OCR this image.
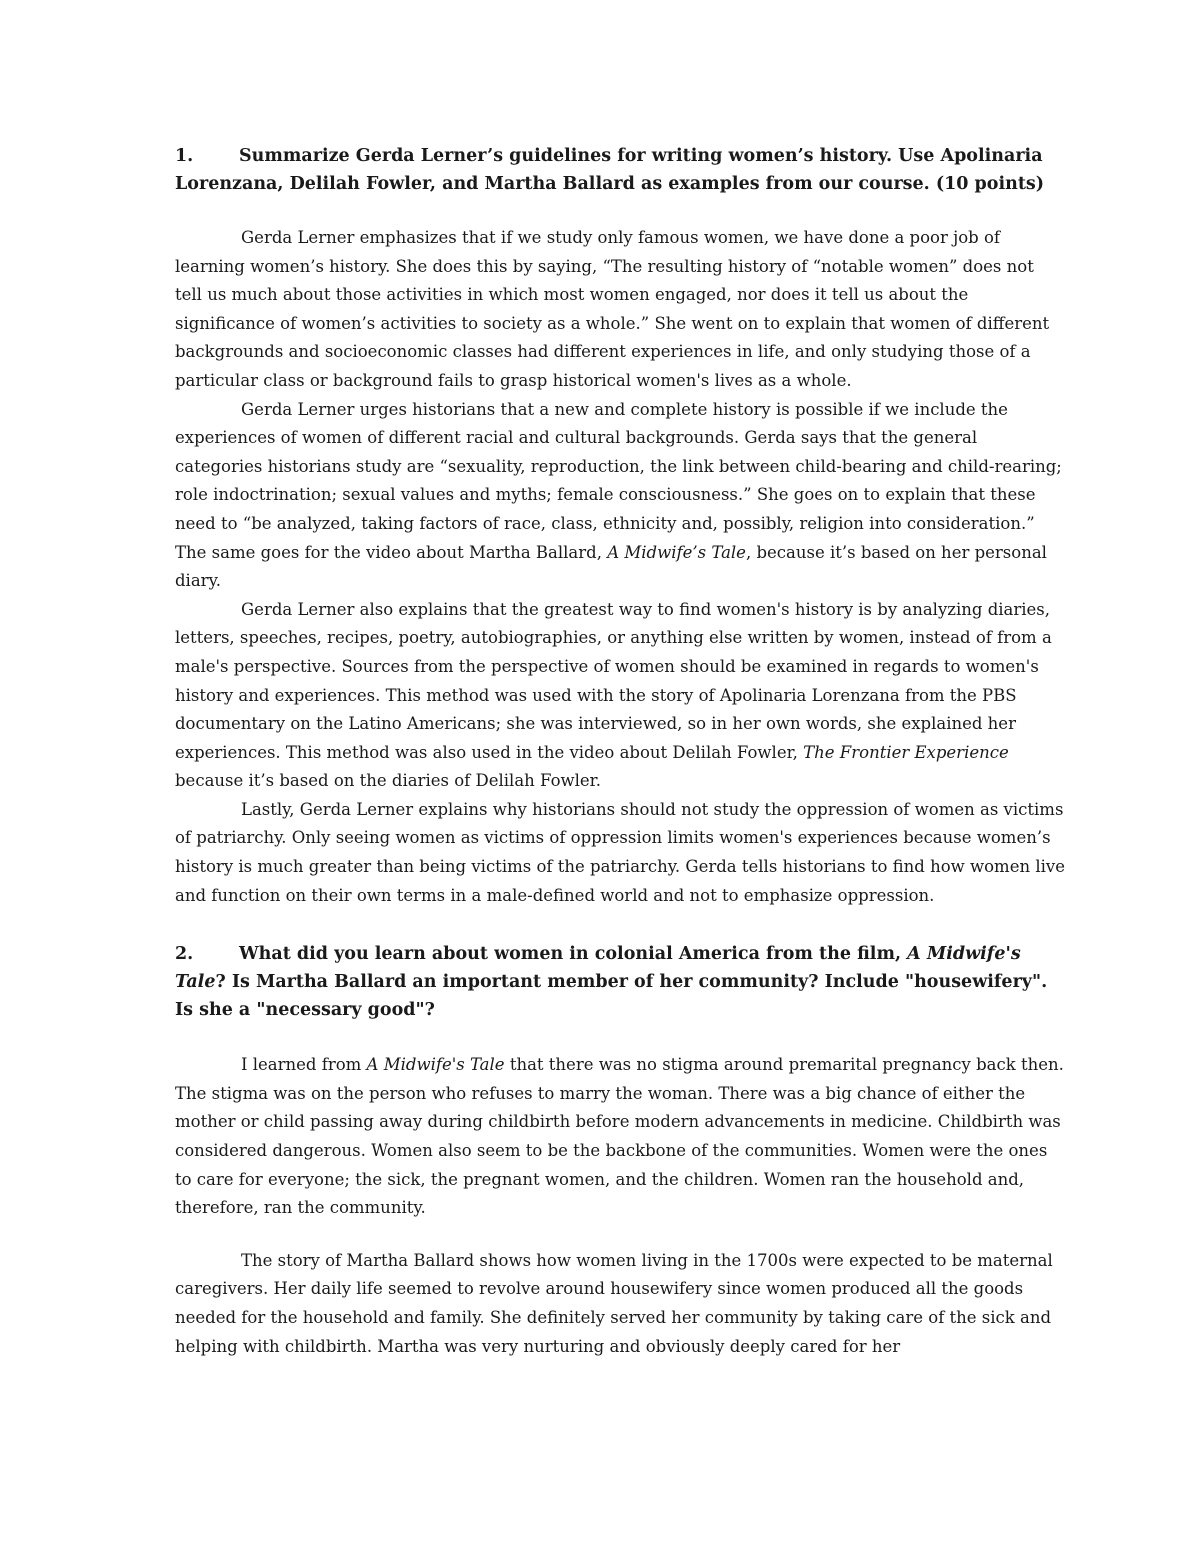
1.	Summarize Gerda Lerner’s guidelines for writing women’s history. Use Apolinaria Lorenzana, Delilah Fowler, and Martha Ballard as examples from our course. (10 points)

Gerda Lerner emphasizes that if we study only famous women, we have done a poor job of learning women’s history. She does this by saying, “The resulting history of “notable women” does not tell us much about those activities in which most women engaged, nor does it tell us about the significance of women’s activities to society as a whole.” She went on to explain that women of different backgrounds and socioeconomic classes had different experiences in life, and only studying those of a particular class or background fails to grasp historical women's lives as a whole.

Gerda Lerner urges historians that a new and complete history is possible if we include the experiences of women of different racial and cultural backgrounds. Gerda says that the general categories historians study are “sexuality, reproduction, the link between child-bearing and child-rearing; role indoctrination; sexual values and myths; female consciousness.” She goes on to explain that these need to “be analyzed, taking factors of race, class, ethnicity and, possibly, religion into consideration.” The same goes for the video about Martha Ballard, A Midwife’s Tale, because it’s based on her personal diary.

Gerda Lerner also explains that the greatest way to find women's history is by analyzing diaries, letters, speeches, recipes, poetry, autobiographies, or anything else written by women, instead of from a male's perspective. Sources from the perspective of women should be examined in regards to women's history and experiences. This method was used with the story of Apolinaria Lorenzana from the PBS documentary on the Latino Americans; she was interviewed, so in her own words, she explained her experiences. This method was also used in the video about Delilah Fowler, The Frontier Experience because it’s based on the diaries of Delilah Fowler.

Lastly, Gerda Lerner explains why historians should not study the oppression of women as victims of patriarchy. Only seeing women as victims of oppression limits women's experiences because women’s history is much greater than being victims of the patriarchy. Gerda tells historians to find how women live and function on their own terms in a male-defined world and not to emphasize oppression.

2.	What did you learn about women in colonial America from the film, A Midwife's Tale? Is Martha Ballard an important member of her community? Include "housewifery". Is she a "necessary good"?

I learned from A Midwife's Tale that there was no stigma around premarital pregnancy back then. The stigma was on the person who refuses to marry the woman. There was a big chance of either the mother or child passing away during childbirth before modern advancements in medicine. Childbirth was considered dangerous. Women also seem to be the backbone of the communities. Women were the ones to care for everyone; the sick, the pregnant women, and the children. Women ran the household and, therefore, ran the community.

The story of Martha Ballard shows how women living in the 1700s were expected to be maternal caregivers. Her daily life seemed to revolve around housewifery since women produced all the goods needed for the household and family. She definitely served her community by taking care of the sick and helping with childbirth. Martha was very nurturing and obviously deeply cared for her
